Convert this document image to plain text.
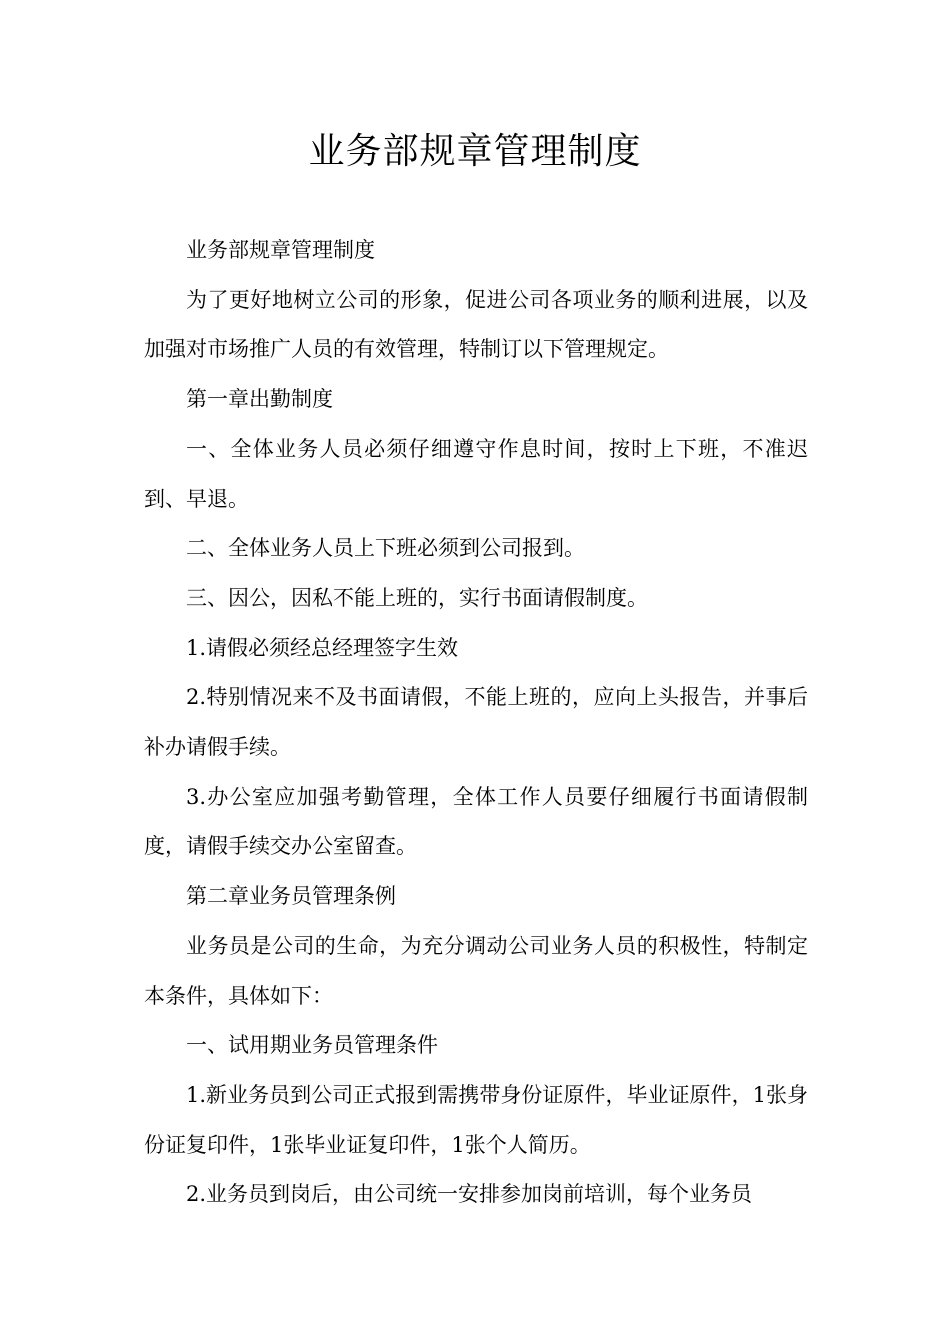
业务部规章管理制度

业务部规章管理制度

为了更好地树立公司的形象，促进公司各项业务的顺利进展，以及加强对市场推广人员的有效管理，特制订以下管理规定。

第一章出勤制度

一、全体业务人员必须仔细遵守作息时间，按时上下班，不准迟到、早退。

二、全体业务人员上下班必须到公司报到。

三、因公，因私不能上班的，实行书面请假制度。

1.请假必须经总经理签字生效

2.特别情况来不及书面请假，不能上班的，应向上头报告，并事后补办请假手续。

3.办公室应加强考勤管理，全体工作人员要仔细履行书面请假制度，请假手续交办公室留查。

第二章业务员管理条例

业务员是公司的生命，为充分调动公司业务人员的积极性，特制定本条件，具体如下：

一、试用期业务员管理条件

1.新业务员到公司正式报到需携带身份证原件，毕业证原件，1张身份证复印件，1张毕业证复印件，1张个人简历。

2.业务员到岗后，由公司统一安排参加岗前培训，每个业务员
